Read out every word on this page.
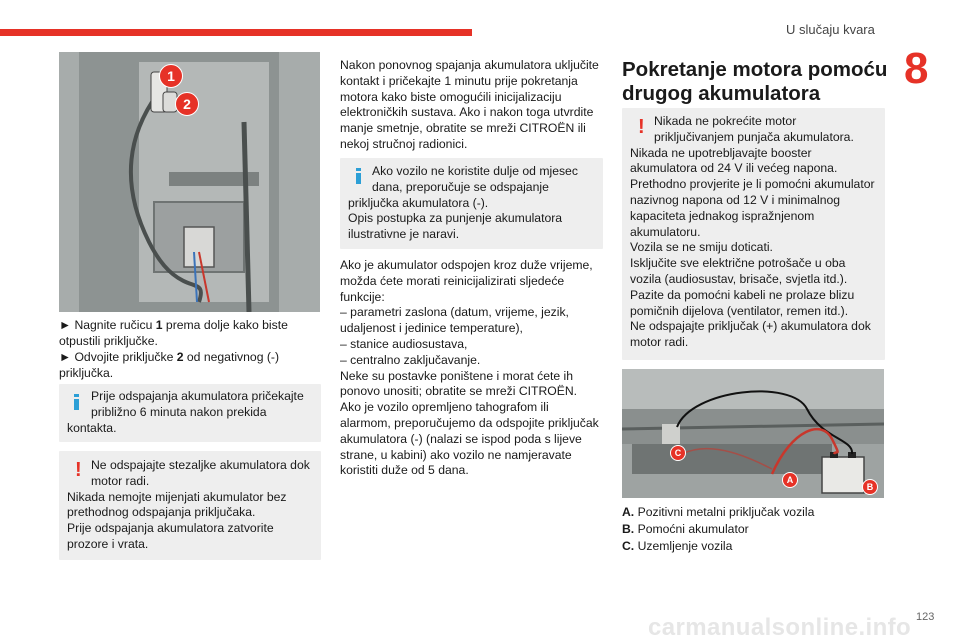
U slučaju kvara
8
1
2
► Nagnite ručicu 1 prema dolje kako biste otpustili priključke.
► Odvojite priključke 2 od negativnog (-) priključka.
Prije odspajanja akumulatora pričekajte
približno 6 minuta nakon prekida
kontakta.
! Ne odspajajte stezaljke akumulatora dok
motor radi.
Nikada nemojte mijenjati akumulator bez
prethodnog odspajanja priključaka.
Prije odspajanja akumulatora zatvorite
prozore i vrata.
Nakon ponovnog spajanja akumulatora uključite
kontakt i pričekajte 1 minutu prije pokretanja
motora kako biste omogućili inicijalizaciju
elektroničkih sustava. Ako i nakon toga utvrdite
manje smetnje, obratite se mreži CITROËN ili
nekoj stručnoj radionici.
Ako vozilo ne koristite dulje od mjesec
dana, preporučuje se odspajanje
priključka akumulatora (-).
Opis postupka za punjenje akumulatora
ilustrativne je naravi.
Ako je akumulator odspojen kroz duže vrijeme,
možda ćete morati reinicijalizirati sljedeće
funkcije:
– parametri zaslona (datum, vrijeme, jezik,
udaljenost i jedinice temperature),
– stanice audiosustava,
– centralno zaključavanje.
Neke su postavke poništene i morat ćete ih
ponovo unositi; obratite se mreži CITROËN.
Ako je vozilo opremljeno tahografom ili
alarmom, preporučujemo da odspojite priključak
akumulatora (-) (nalazi se ispod poda s lijeve
strane, u kabini) ako vozilo ne namjeravate
koristiti duže od 5 dana.
Pokretanje motora pomoću
drugog akumulatora
! Nikada ne pokrećite motor
priključivanjem punjača akumulatora.
Nikada ne upotrebljavajte booster
akumulatora od 24 V ili većeg napona.
Prethodno provjerite je li pomoćni akumulator
nazivnog napona od 12 V i minimalnog
kapaciteta jednakog ispražnjenom
akumulatoru.
Vozila se ne smiju doticati.
Isključite sve električne potrošače u oba
vozila (audiosustav, brisače, svjetla itd.).
Pazite da pomoćni kabeli ne prolaze blizu
pomičnih dijelova (ventilator, remen itd.).
Ne odspajajte priključak (+) akumulatora dok
motor radi.
C
A
B
A. Pozitivni metalni priključak vozila
B. Pomoćni akumulator
C. Uzemljenje vozila
carmanualsonline.info 123
